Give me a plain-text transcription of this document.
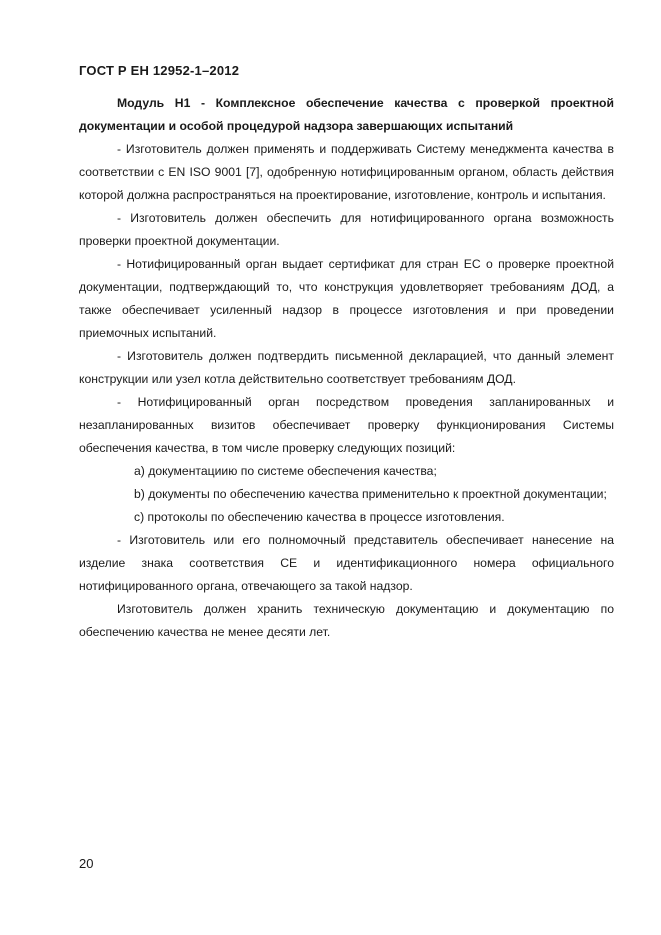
ГОСТ Р ЕН 12952-1–2012

Модуль Н1 - Комплексное обеспечение качества с проверкой проектной документации и особой процедурой надзора завершающих испытаний

- Изготовитель должен применять и поддерживать Систему менеджмента качества в соответствии с EN ISO 9001 [7], одобренную нотифицированным органом, область действия которой должна распространяться на проектирование, изготовление, контроль и испытания.

- Изготовитель должен обеспечить для нотифицированного органа возможность проверки проектной документации.

- Нотифицированный орган выдает сертификат для стран ЕС о проверке проектной документации, подтверждающий то, что конструкция удовлетворяет требованиям ДОД, а также обеспечивает усиленный надзор в процессе изготовления и при проведении приемочных испытаний.

- Изготовитель должен подтвердить письменной декларацией, что данный элемент конструкции или узел котла действительно соответствует требованиям ДОД.

- Нотифицированный орган посредством проведения запланированных и незапланированных визитов обеспечивает проверку функционирования Системы обеспечения качества, в том числе проверку следующих позиций:

a) документациию по системе обеспечения качества;

b) документы по обеспечению качества применительно к проектной документации;

c) протоколы по обеспечению качества в процессе изготовления.

- Изготовитель или его полномочный представитель обеспечивает нанесение на изделие знака соответствия CE и идентификационного номера официального нотифицированного органа, отвечающего за такой надзор.

Изготовитель должен хранить техническую документацию и документацию по обеспечению качества не менее десяти лет.

20
